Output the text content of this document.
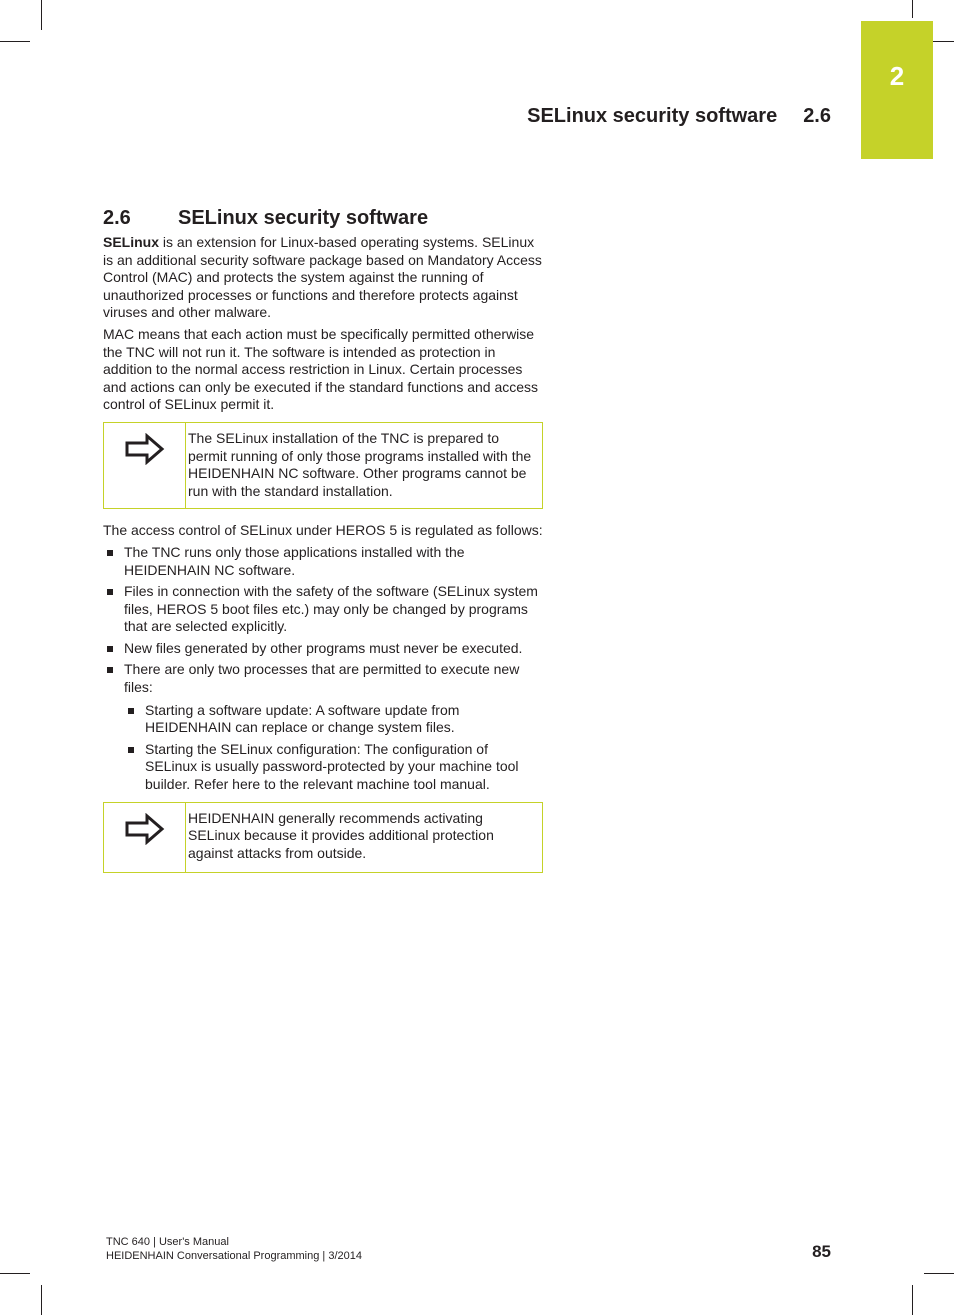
2
SELinux security software 2.6
2.6 SELinux security software

SELinux is an extension for Linux-based operating systems. SELinux is an additional security software package based on Mandatory Access Control (MAC) and protects the system against the running of unauthorized processes or functions and therefore protects against viruses and other malware.

MAC means that each action must be specifically permitted otherwise the TNC will not run it. The software is intended as protection in addition to the normal access restriction in Linux. Certain processes and actions can only be executed if the standard functions and access control of SELinux permit it.

The SELinux installation of the TNC is prepared to permit running of only those programs installed with the HEIDENHAIN NC software. Other programs cannot be run with the standard installation.

The access control of SELinux under HEROS 5 is regulated as follows:

The TNC runs only those applications installed with the HEIDENHAIN NC software.
Files in connection with the safety of the software (SELinux system files, HEROS 5 boot files etc.) may only be changed by programs that are selected explicitly.
New files generated by other programs must never be executed.
There are only two processes that are permitted to execute new files:
Starting a software update: A software update from HEIDENHAIN can replace or change system files.
Starting the SELinux configuration: The configuration of SELinux is usually password-protected by your machine tool builder. Refer here to the relevant machine tool manual.
HEIDENHAIN generally recommends activating SELinux because it provides additional protection against attacks from outside.
TNC 640 | User's Manual
HEIDENHAIN Conversational Programming | 3/2014	85
